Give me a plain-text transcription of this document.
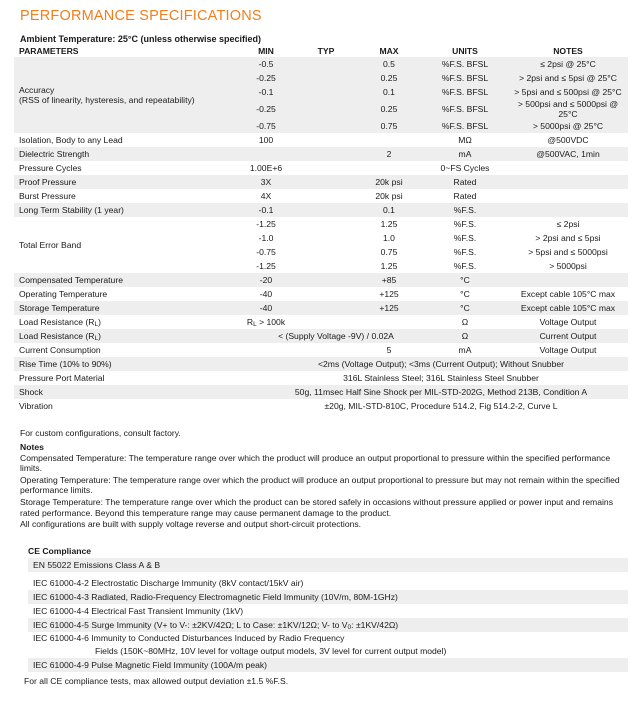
PERFORMANCE SPECIFICATIONS
Ambient Temperature: 25°C (unless otherwise specified)
PARAMETERS	MIN	TYP	MAX	UNITS	NOTES

Accuracy
(RSS of linearity, hysteresis, and repeatability)	-0.5		0.5	%F.S. BFSL	≤ 2psi @ 25°C
	-0.25		0.25	%F.S. BFSL	> 2psi and ≤ 5psi @ 25°C
	-0.1		0.1	%F.S. BFSL	> 5psi and ≤ 500psi @ 25°C
	-0.25		0.25	%F.S. BFSL	> 500psi and ≤ 5000psi @ 25°C
	-0.75		0.75	%F.S. BFSL	> 5000psi @ 25°C
Isolation, Body to any Lead	100			MΩ	@500VDC
Dielectric Strength			2	mA	@500VAC, 1min
Pressure Cycles	1.00E+6			0~FS Cycles	
Proof Pressure	3X		20k psi	Rated	
Burst Pressure	4X		20k psi	Rated	
Long Term Stability (1 year)	-0.1		0.1	%F.S.	
Total Error Band	-1.25		1.25	%F.S.	≤ 2psi
	-1.0		1.0	%F.S.	> 2psi and ≤ 5psi
	-0.75		0.75	%F.S.	> 5psi and ≤ 5000psi
	-1.25		1.25	%F.S.	> 5000psi
Compensated Temperature	-20		+85	°C	
Operating Temperature	-40		+125	°C	Except cable 105°C max
Storage Temperature	-40		+125	°C	Except cable 105°C max
Load Resistance (RL)	RL > 100k			Ω	Voltage Output
Load Resistance (RL)	< (Supply Voltage -9V) / 0.02A			Ω	Current Output
Current Consumption			5	mA	Voltage Output
Rise Time (10% to 90%)	<2ms (Voltage Output); <3ms (Current Output); Without Snubber				
Pressure Port Material	316L Stainless Steel; 316L Stainless Steel Snubber				
Shock	50g, 11msec Half Sine Shock per MIL-STD-202G, Method 213B, Condition A				
Vibration	±20g, MIL-STD-810C, Procedure 514.2, Fig 514.2-2, Curve L				
For custom configurations, consult factory.
Notes

Compensated Temperature: The temperature range over which the product will produce an output proportional to pressure within the specified performance limits.

Operating Temperature: The temperature range over which the product will produce an output proportional to pressure but may not remain within the specified performance limits.

Storage Temperature: The temperature range over which the product can be stored safely in occasions without pressure applied or power input and remains rated performance. Beyond this temperature range may cause permanent damage to the product.

All configurations are built with supply voltage reverse and output short-circuit protections.

CE Compliance
EN 55022 Emissions Class A & B
IEC 61000-4-2 Electrostatic Discharge Immunity (8kV contact/15kV air)
IEC 61000-4-3 Radiated, Radio-Frequency Electromagnetic Field Immunity (10V/m, 80M-1GHz)
IEC 61000-4-4 Electrical Fast Transient Immunity (1kV)
IEC 61000-4-5 Surge Immunity (V+ to V-: ±2KV/42Ω; L to Case: ±1KV/12Ω; V- to V0: ±1KV/42Ω)
IEC 61000-4-6 Immunity to Conducted Disturbances Induced by Radio Frequency
Fields (150K~80MHz, 10V level for voltage output models, 3V level for current output model)
IEC 61000-4-9 Pulse Magnetic Field Immunity (100A/m peak)
For all CE compliance tests, max allowed output deviation ±1.5 %F.S.
